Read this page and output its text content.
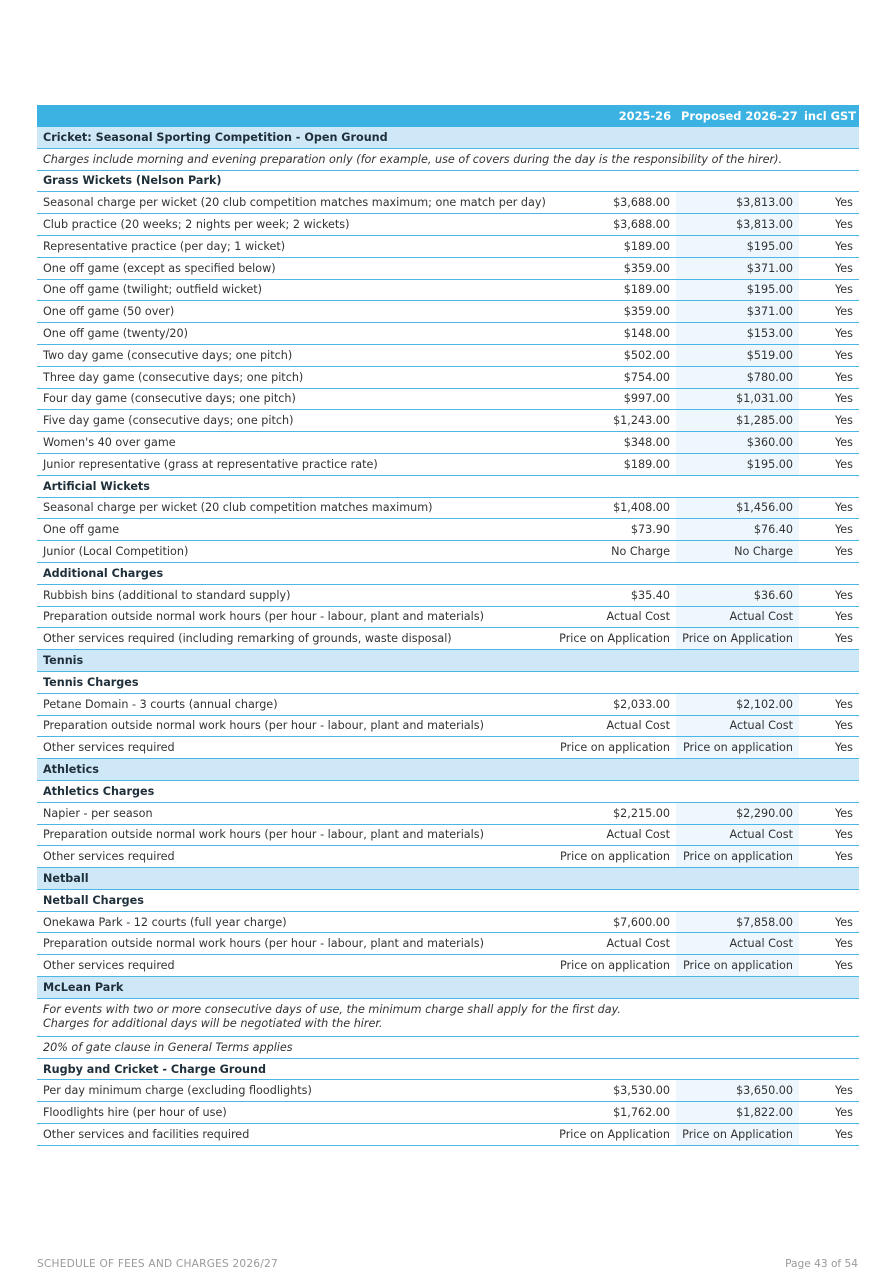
	2025-26	Proposed 2026-27	incl GST
Cricket: Seasonal Sporting Competition - Open Ground			
Charges include morning and evening preparation only (for example, use of covers during the day is the responsibility of the hirer).			
Grass Wickets (Nelson Park)			
Seasonal charge per wicket (20 club competition matches maximum; one match per day)	$3,688.00	$3,813.00	Yes
Club practice (20 weeks; 2 nights per week; 2 wickets)	$3,688.00	$3,813.00	Yes
Representative practice (per day; 1 wicket)	$189.00	$195.00	Yes
One off game (except as specified below)	$359.00	$371.00	Yes
One off game (twilight; outfield wicket)	$189.00	$195.00	Yes
One off game (50 over)	$359.00	$371.00	Yes
One off game (twenty/20)	$148.00	$153.00	Yes
Two day game (consecutive days; one pitch)	$502.00	$519.00	Yes
Three day game (consecutive days; one pitch)	$754.00	$780.00	Yes
Four day game (consecutive days; one pitch)	$997.00	$1,031.00	Yes
Five day game (consecutive days; one pitch)	$1,243.00	$1,285.00	Yes
Women's 40 over game	$348.00	$360.00	Yes
Junior representative (grass at representative practice rate)	$189.00	$195.00	Yes
Artificial Wickets			
Seasonal charge per wicket (20 club competition matches maximum)	$1,408.00	$1,456.00	Yes
One off game	$73.90	$76.40	Yes
Junior (Local Competition)	No Charge	No Charge	Yes
Additional Charges			
Rubbish bins (additional to standard supply)	$35.40	$36.60	Yes
Preparation outside normal work hours (per hour - labour, plant and materials)	Actual Cost	Actual Cost	Yes
Other services required (including remarking of grounds, waste disposal)	Price on Application	Price on Application	Yes
Tennis			
Tennis Charges			
Petane Domain - 3 courts (annual charge)	$2,033.00	$2,102.00	Yes
Preparation outside normal work hours (per hour - labour, plant and materials)	Actual Cost	Actual Cost	Yes
Other services required	Price on application	Price on application	Yes
Athletics			
Athletics Charges			
Napier - per season	$2,215.00	$2,290.00	Yes
Preparation outside normal work hours (per hour - labour, plant and materials)	Actual Cost	Actual Cost	Yes
Other services required	Price on application	Price on application	Yes
Netball			
Netball Charges			
Onekawa Park - 12 courts (full year charge)	$7,600.00	$7,858.00	Yes
Preparation outside normal work hours (per hour - labour, plant and materials)	Actual Cost	Actual Cost	Yes
Other services required	Price on application	Price on application	Yes
McLean Park			

For events with two or more consecutive days of use, the minimum charge shall apply for the first day.
Charges for additional days will be negotiated with the hirer.			

20% of gate clause in General Terms applies			
Rugby and Cricket - Charge Ground			
Per day minimum charge (excluding floodlights)	$3,530.00	$3,650.00	Yes
Floodlights hire (per hour of use)	$1,762.00	$1,822.00	Yes
Other services and facilities required	Price on Application	Price on Application	Yes
SCHEDULE OF FEES AND CHARGES 2026/27	Page 43 of 54
